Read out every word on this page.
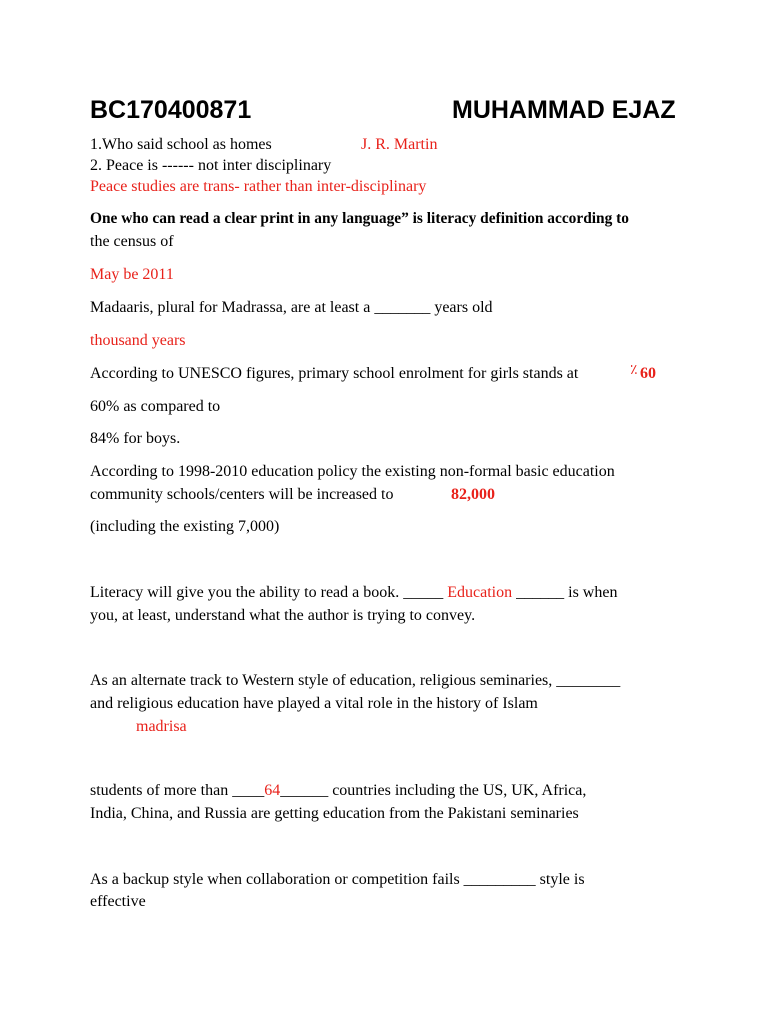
BC170400871	MUHAMMAD EJAZ
1.Who said school as homes	J. R. Martin
2. Peace is ------ not inter disciplinary
Peace studies are trans- rather than inter-disciplinary
One who can read a clear print in any language” is literacy definition according to
the census of
May be 2011
Madaaris, plural for Madrassa, are at least a _______ years old
thousand years
According to UNESCO figures, primary school enrolment for girls stands at	٪ 60
60% as compared to
84% for boys.
According to 1998-2010 education policy the existing non-formal basic education
community schools/centers will be increased to	82,000
(including the existing 7,000)
Literacy will give you the ability to read a book. _____ Education ______ is when
you, at least, understand what the author is trying to convey.
As an alternate track to Western style of education, religious seminaries, ________
and religious education have played a vital role in the history of Islam
madrisa
students of more than ____64______ countries including the US, UK, Africa,
India, China, and Russia are getting education from the Pakistani seminaries
As a backup style when collaboration or competition fails _________ style is
effective
